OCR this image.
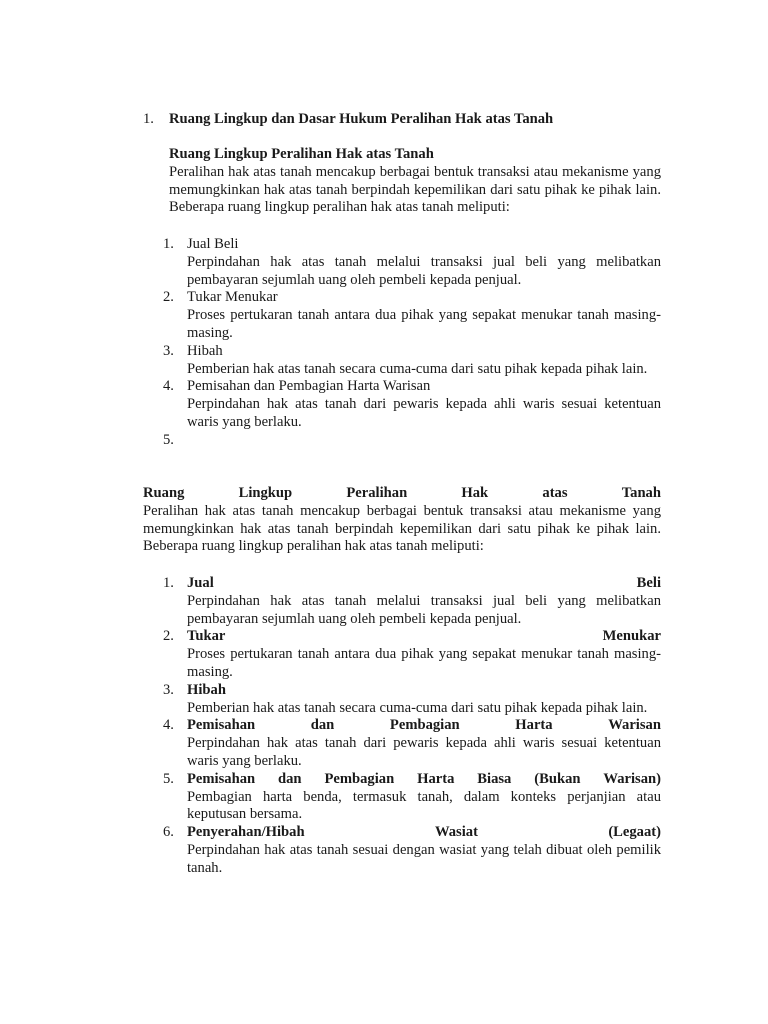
1. Ruang Lingkup dan Dasar Hukum Peralihan Hak atas Tanah

Ruang Lingkup Peralihan Hak atas Tanah

Peralihan hak atas tanah mencakup berbagai bentuk transaksi atau mekanisme yang memungkinkan hak atas tanah berpindah kepemilikan dari satu pihak ke pihak lain. Beberapa ruang lingkup peralihan hak atas tanah meliputi:

1. Jual Beli

Perpindahan hak atas tanah melalui transaksi jual beli yang melibatkan pembayaran sejumlah uang oleh pembeli kepada penjual.

2. Tukar Menukar

Proses pertukaran tanah antara dua pihak yang sepakat menukar tanah masing-masing.

3. Hibah

Pemberian hak atas tanah secara cuma-cuma dari satu pihak kepada pihak lain.

4. Pemisahan dan Pembagian Harta Warisan

Perpindahan hak atas tanah dari pewaris kepada ahli waris sesuai ketentuan waris yang berlaku.

5.
Ruang	Lingkup	Peralihan	Hak	atas	Tanah

Peralihan hak atas tanah mencakup berbagai bentuk transaksi atau mekanisme yang memungkinkan hak atas tanah berpindah kepemilikan dari satu pihak ke pihak lain. Beberapa ruang lingkup peralihan hak atas tanah meliputi:

1. Jual	Beli

Perpindahan hak atas tanah melalui transaksi jual beli yang melibatkan pembayaran sejumlah uang oleh pembeli kepada penjual.

2. Tukar	Menukar

Proses pertukaran tanah antara dua pihak yang sepakat menukar tanah masing-masing.

3. Hibah

Pemberian hak atas tanah secara cuma-cuma dari satu pihak kepada pihak lain.

4. Pemisahan	dan	Pembagian	Harta	Warisan

Perpindahan hak atas tanah dari pewaris kepada ahli waris sesuai ketentuan waris yang berlaku.

5. Pemisahan dan Pembagian Harta Biasa (Bukan Warisan)

Pembagian harta benda, termasuk tanah, dalam konteks perjanjian atau keputusan bersama.

6. Penyerahan/Hibah	Wasiat	(Legaat)

Perpindahan hak atas tanah sesuai dengan wasiat yang telah dibuat oleh pemilik tanah.
